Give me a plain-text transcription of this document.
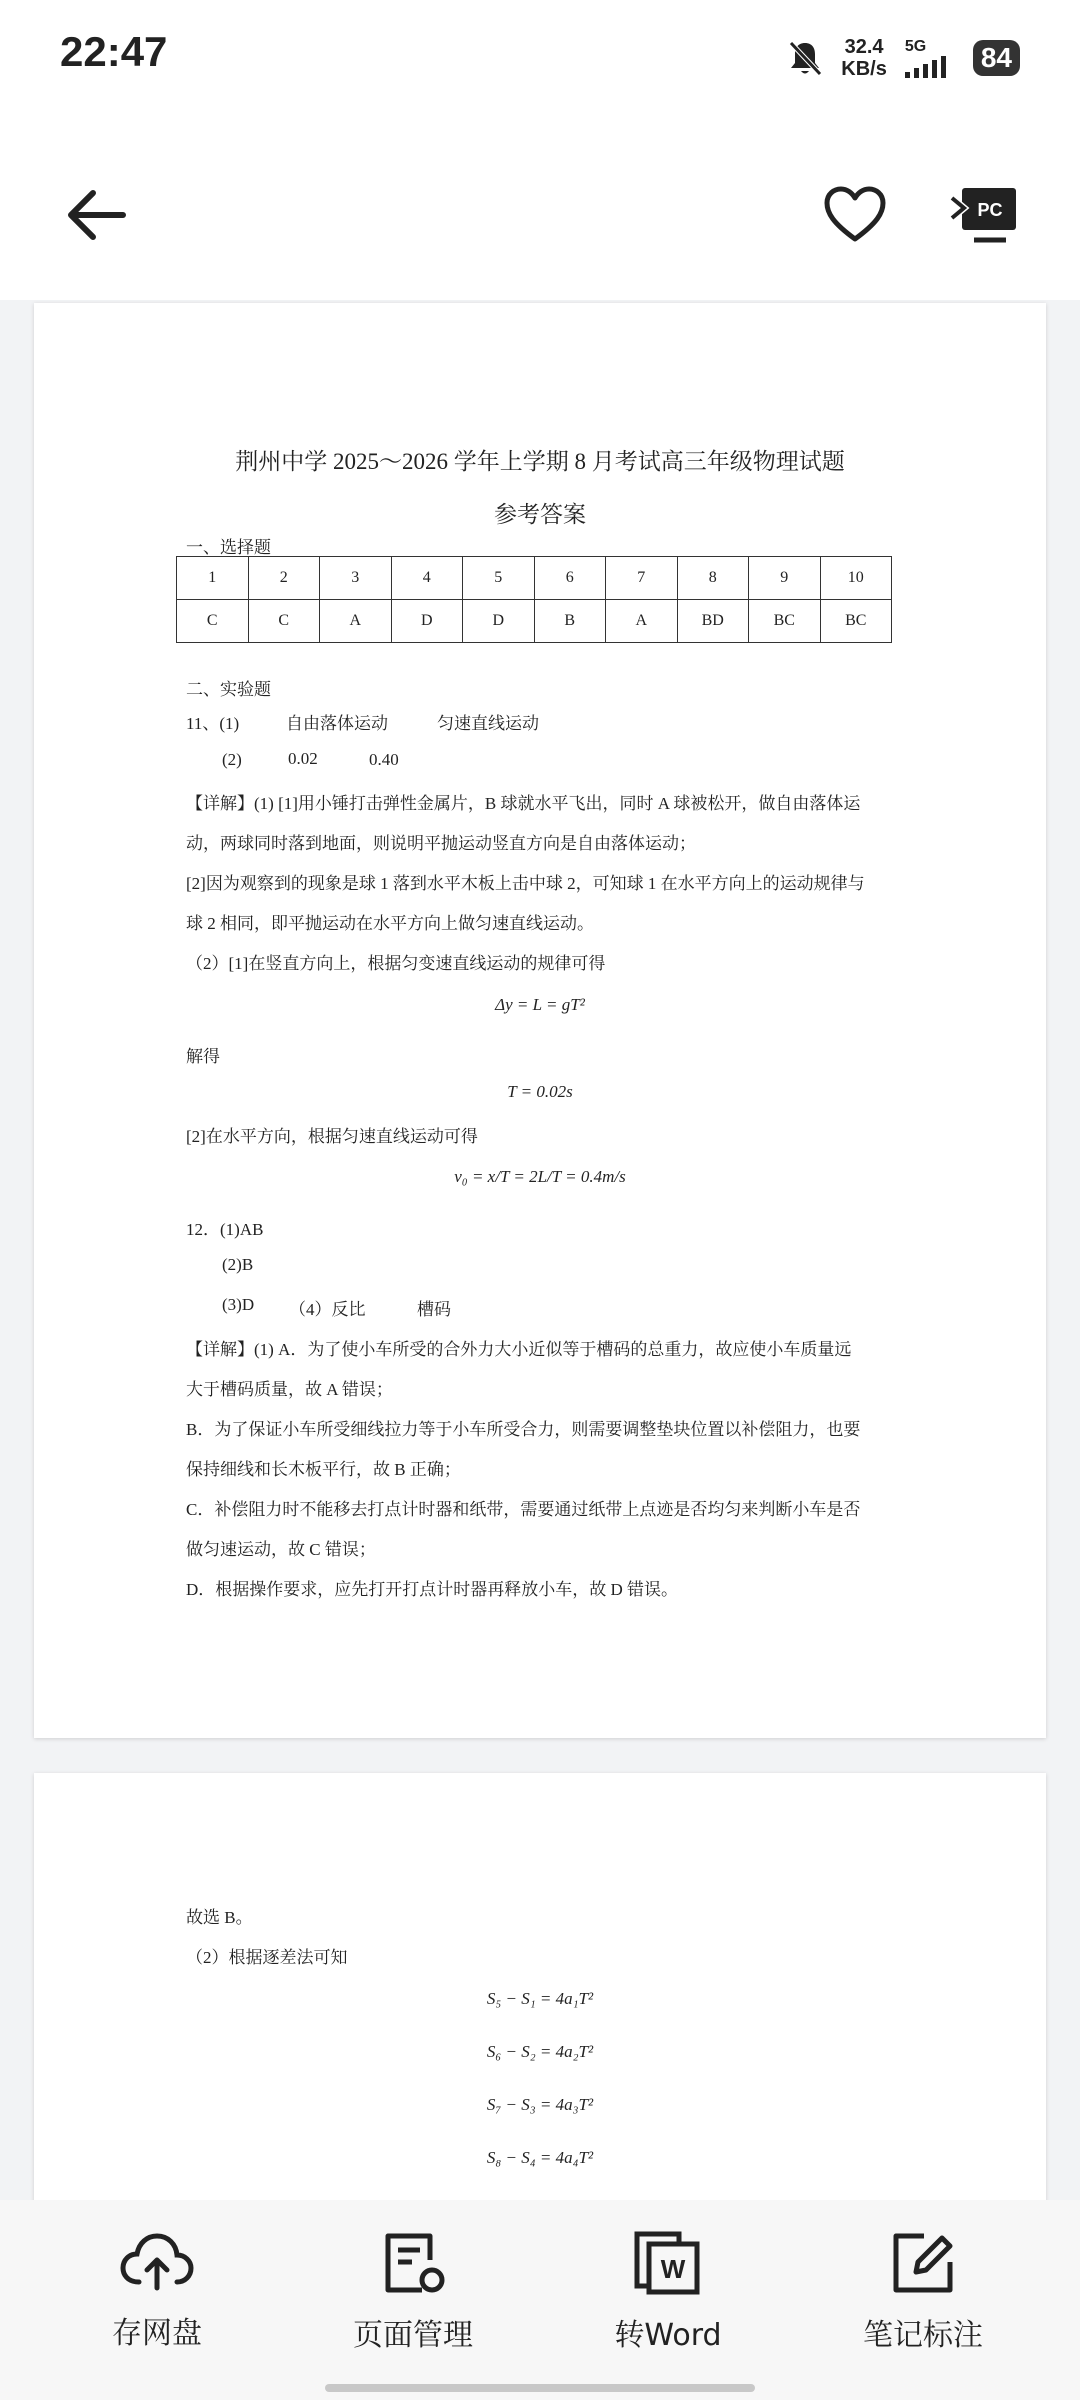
22:47	32.4
KB/s
5G	84
PC
荆州中学 2025～2026 学年上学期 8 月考试高三年级物理试题
参考答案
一、选择题
1	2	3	4	5	6	7	8	9	10
C	C	A	D	D	B	A	BD	BC	BC
二、实验题
11、(1)	自由落体运动	匀速直线运动
(2)	0.02	0.40
【详解】(1) [1]用小锤打击弹性金属片，B 球就水平飞出，同时 A 球被松开，做自由落体运
动，两球同时落到地面，则说明平抛运动竖直方向是自由落体运动；
[2]因为观察到的现象是球 1 落到水平木板上击中球 2，可知球 1 在水平方向上的运动规律与
球 2 相同，即平抛运动在水平方向上做匀速直线运动。
（2）[1]在竖直方向上，根据匀变速直线运动的规律可得
Δy = L = gT²
解得
T = 0.02s
[2]在水平方向，根据匀速直线运动可得
v₀ = x/T = 2L/T = 0.4m/s
12．(1)AB
(2)B
(3)D （4）反比	槽码
【详解】(1) A．为了使小车所受的合外力大小近似等于槽码的总重力，故应使小车质量远
大于槽码质量，故 A 错误；
B．为了保证小车所受细线拉力等于小车所受合力，则需要调整垫块位置以补偿阻力，也要
保持细线和长木板平行，故 B 正确；
C．补偿阻力时不能移去打点计时器和纸带，需要通过纸带上点迹是否均匀来判断小车是否
做匀速运动，故 C 错误；
D．根据操作要求，应先打开打点计时器再释放小车，故 D 错误。
故选 B。
（2）根据逐差法可知
S₅ − S₁ = 4a₁T²
S₆ − S₂ = 4a₂T²
S₇ − S₃ = 4a₃T²
S₈ − S₄ = 4a₄T²
存网盘	页面管理
W
转Word	笔记标注
